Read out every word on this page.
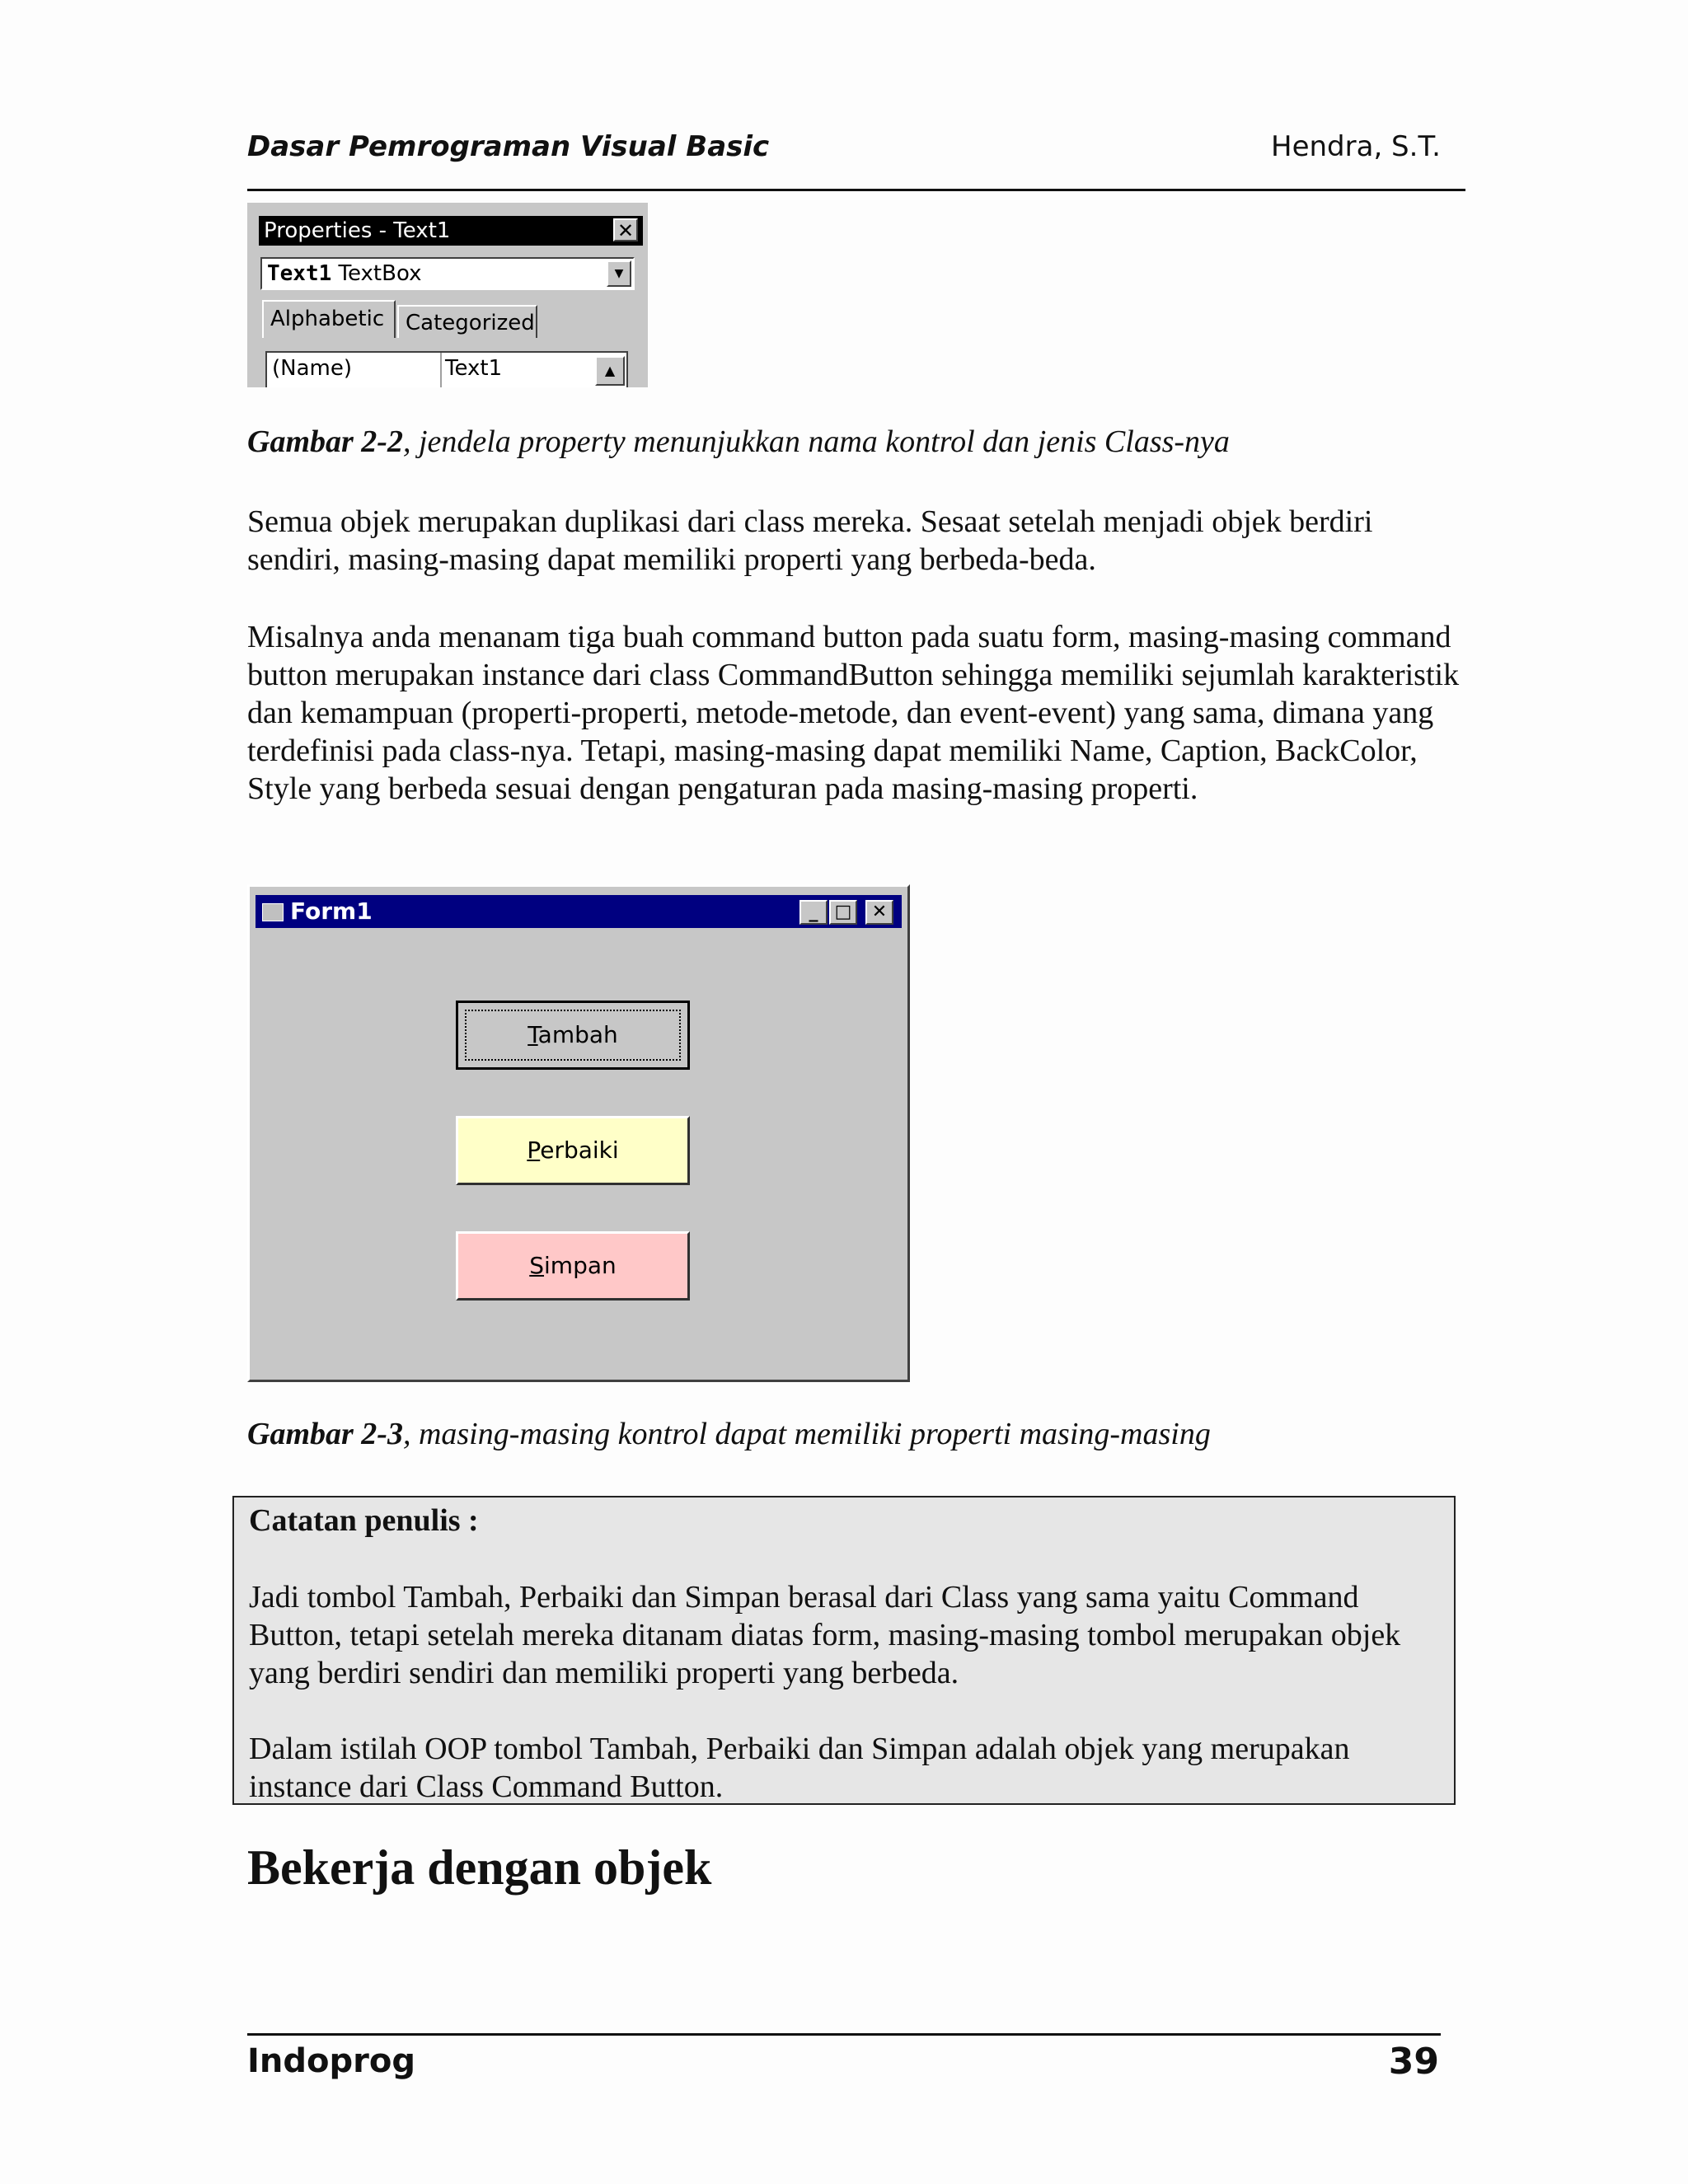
Dasar Pemrograman Visual Basic	Hendra, S.T.
Properties - Text1	✕
Text1 TextBox	▼
Alphabetic Categorized
(Name)	Text1	▲
Gambar 2-2, jendela property menunjukkan nama kontrol dan jenis Class-nya
Semua objek merupakan duplikasi dari class mereka. Sesaat setelah menjadi objek berdiri sendiri, masing-masing dapat memiliki properti yang berbeda-beda.
Misalnya anda menanam tiga buah command button pada suatu form, masing-masing command button merupakan instance dari class CommandButton sehingga memiliki sejumlah karakteristik dan kemampuan (properti-properti, metode-metode, dan event-event) yang sama, dimana yang terdefinisi pada class-nya. Tetapi, masing-masing dapat memiliki Name, Caption, BackColor, Style yang berbeda sesuai dengan pengaturan pada masing-masing properti.
Form1	_ □	✕
Tambah
Perbaiki
Simpan
Gambar 2-3, masing-masing kontrol dapat memiliki properti masing-masing
Catatan penulis :
Jadi tombol Tambah, Perbaiki dan Simpan berasal dari Class yang sama yaitu Command Button, tetapi setelah mereka ditanam diatas form, masing-masing tombol merupakan objek yang berdiri sendiri dan memiliki properti yang berbeda.
Dalam istilah OOP tombol Tambah, Perbaiki dan Simpan adalah objek yang merupakan instance dari Class Command Button.
Bekerja dengan objek
Indoprog	39
